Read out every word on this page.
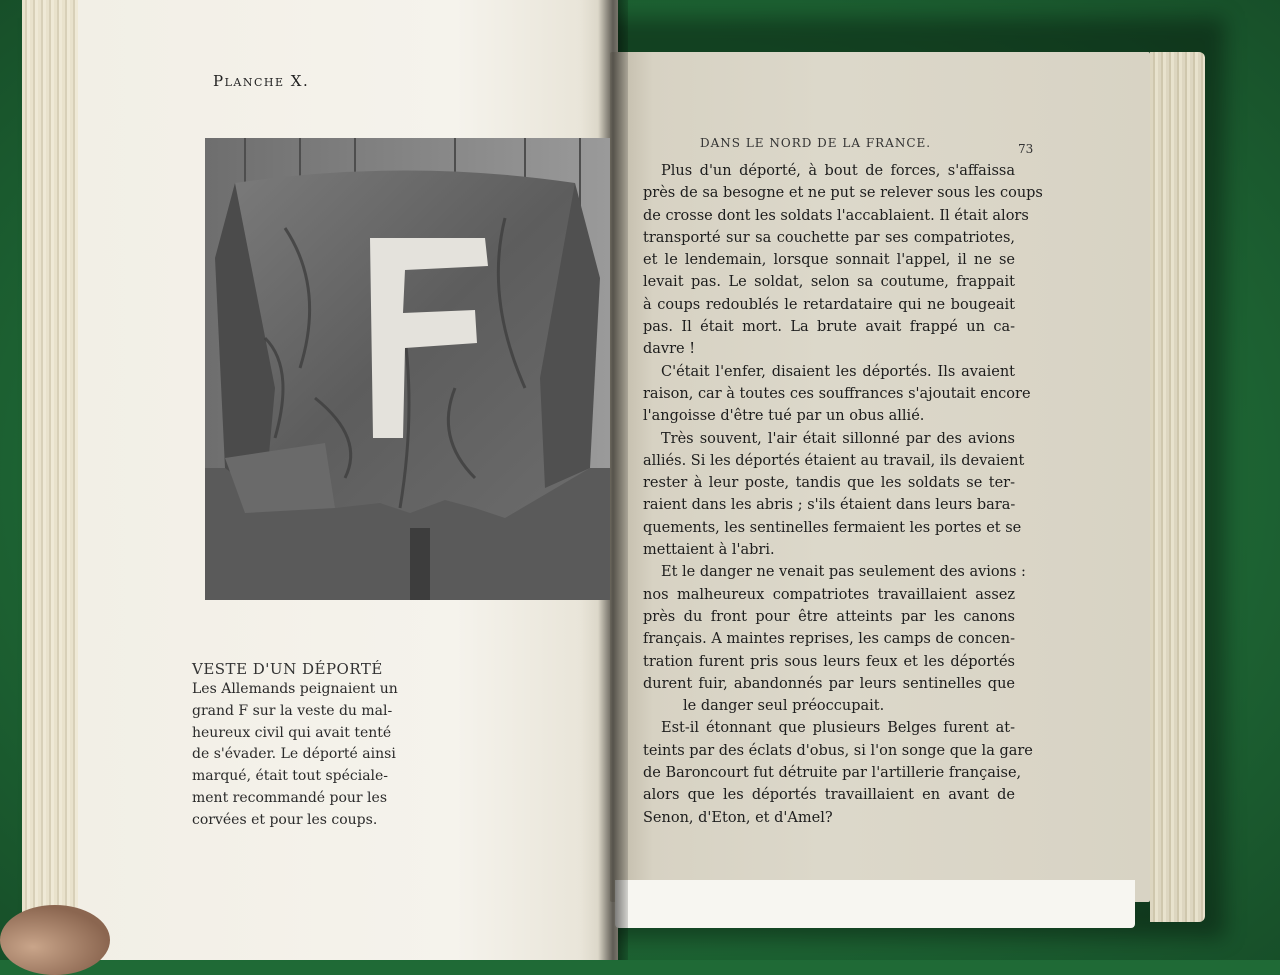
Planche X.
VESTE D'UN DÉPORTÉ
Les Allemands peignaient un
grand F sur la veste du mal-
heureux civil qui avait tenté
de s'évader. Le déporté ainsi
marqué, était tout spéciale-
ment recommandé pour les
corvées et pour les coups.
DANS LE NORD DE LA FRANCE.	73
Plus d'un déporté, à bout de forces, s'affaissa
près de sa besogne et ne put se relever sous les coups
de crosse dont les soldats l'accablaient. Il était alors
transporté sur sa couchette par ses compatriotes,
et le lendemain, lorsque sonnait l'appel, il ne se
levait pas. Le soldat, selon sa coutume, frappait
à coups redoublés le retardataire qui ne bougeait
pas. Il était mort. La brute avait frappé un ca-
davre !
C'était l'enfer, disaient les déportés. Ils avaient
raison, car à toutes ces souffrances s'ajoutait encore
l'angoisse d'être tué par un obus allié.
Très souvent, l'air était sillonné par des avions
alliés. Si les déportés étaient au travail, ils devaient
rester à leur poste, tandis que les soldats se ter-
raient dans les abris ; s'ils étaient dans leurs bara-
quements, les sentinelles fermaient les portes et se
mettaient à l'abri.
Et le danger ne venait pas seulement des avions :
nos malheureux compatriotes travaillaient assez
près du front pour être atteints par les canons
français. A maintes reprises, les camps de concen-
tration furent pris sous leurs feux et les déportés
durent fuir, abandonnés par leurs sentinelles que
le danger seul préoccupait.
Est-il étonnant que plusieurs Belges furent at-
teints par des éclats d'obus, si l'on songe que la gare
de Baroncourt fut détruite par l'artillerie française,
alors que les déportés travaillaient en avant de
Senon, d'Eton, et d'Amel?
